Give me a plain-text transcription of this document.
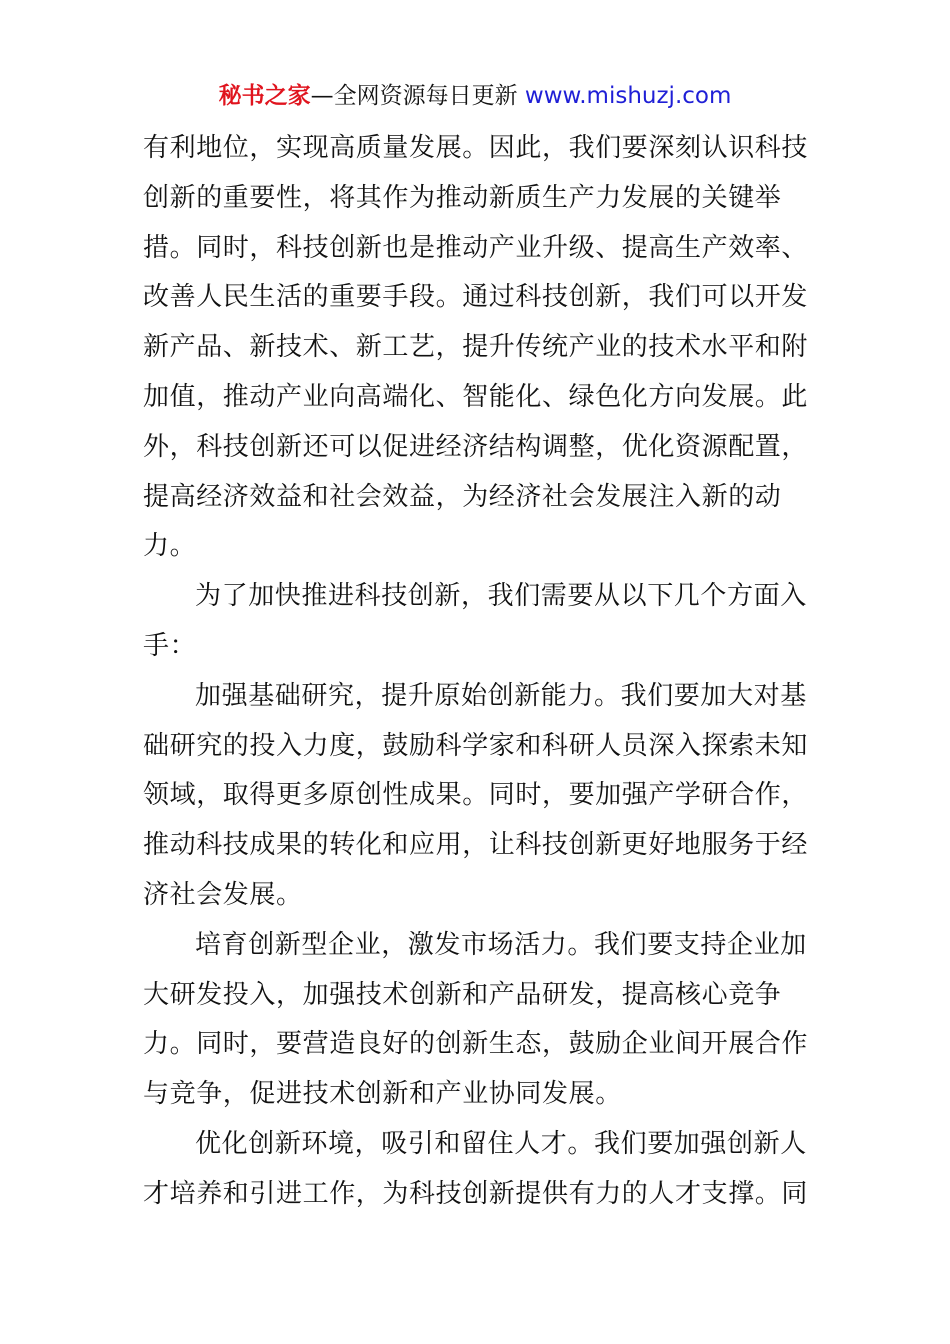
秘书之家—全网资源每日更新 www.mishuzj.com
有利地位，实现高质量发展。因此，我们要深刻认识科技
创新的重要性，将其作为推动新质生产力发展的关键举
措。同时，科技创新也是推动产业升级、提高生产效率、
改善人民生活的重要手段。通过科技创新，我们可以开发
新产品、新技术、新工艺，提升传统产业的技术水平和附
加值，推动产业向高端化、智能化、绿色化方向发展。此
外，科技创新还可以促进经济结构调整，优化资源配置，
提高经济效益和社会效益，为经济社会发展注入新的动
力。
为了加快推进科技创新，我们需要从以下几个方面入
手：
加强基础研究，提升原始创新能力。我们要加大对基
础研究的投入力度，鼓励科学家和科研人员深入探索未知
领域，取得更多原创性成果。同时，要加强产学研合作，
推动科技成果的转化和应用，让科技创新更好地服务于经
济社会发展。
培育创新型企业，激发市场活力。我们要支持企业加
大研发投入，加强技术创新和产品研发，提高核心竞争
力。同时，要营造良好的创新生态，鼓励企业间开展合作
与竞争，促进技术创新和产业协同发展。
优化创新环境，吸引和留住人才。我们要加强创新人
才培养和引进工作，为科技创新提供有力的人才支撑。同
